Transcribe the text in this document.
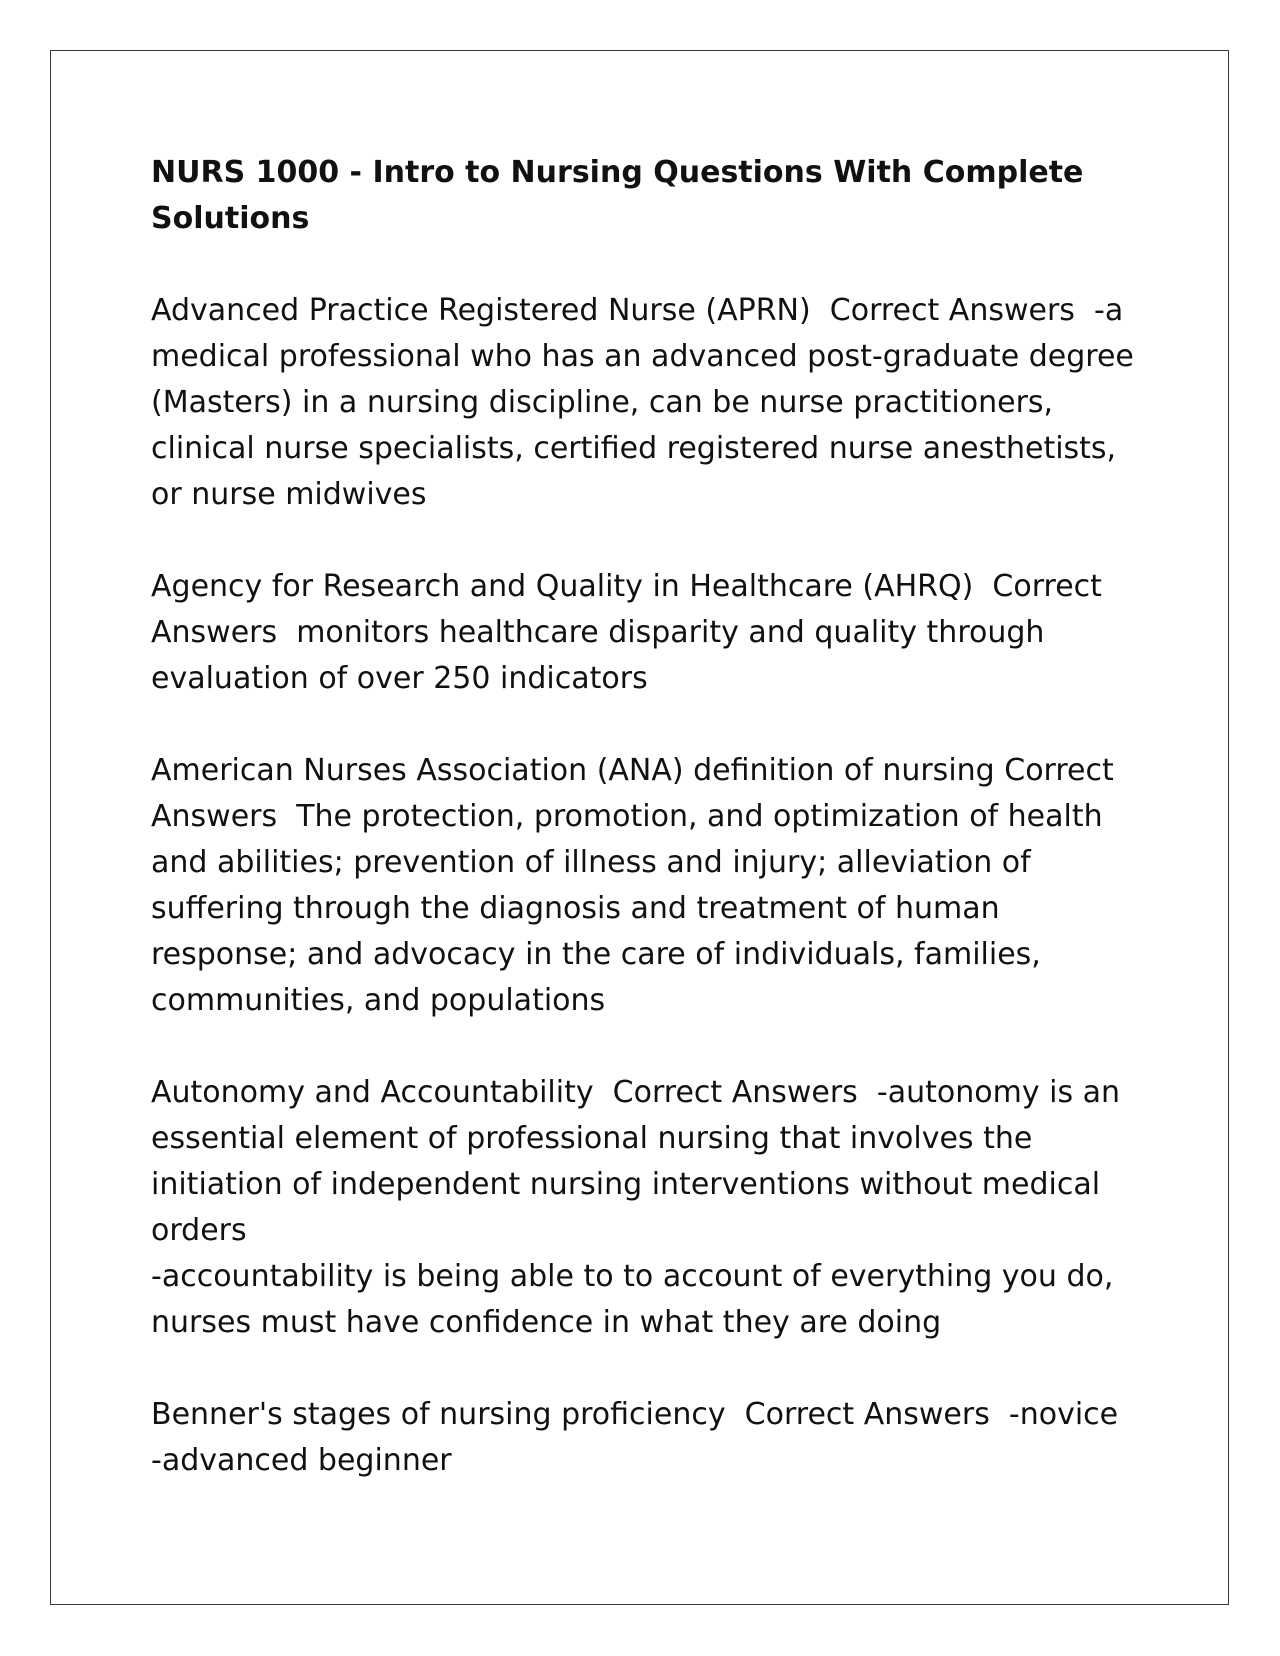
NURS 1000 - Intro to Nursing Questions With Complete Solutions
Advanced Practice Registered Nurse (APRN)  Correct Answers  -a medical professional who has an advanced post-graduate degree (Masters) in a nursing discipline, can be nurse practitioners, clinical nurse specialists, certified registered nurse anesthetists, or nurse midwives
Agency for Research and Quality in Healthcare (AHRQ)  Correct Answers  monitors healthcare disparity and quality through evaluation of over 250 indicators
American Nurses Association (ANA) definition of nursing Correct Answers  The protection, promotion, and optimization of health and abilities; prevention of illness and injury; alleviation of suffering through the diagnosis and treatment of human response; and advocacy in the care of individuals, families, communities, and populations
Autonomy and Accountability  Correct Answers  -autonomy is an essential element of professional nursing that involves the initiation of independent nursing interventions without medical orders
-accountability is being able to to account of everything you do, nurses must have confidence in what they are doing
Benner's stages of nursing proficiency  Correct Answers  -novice
-advanced beginner
